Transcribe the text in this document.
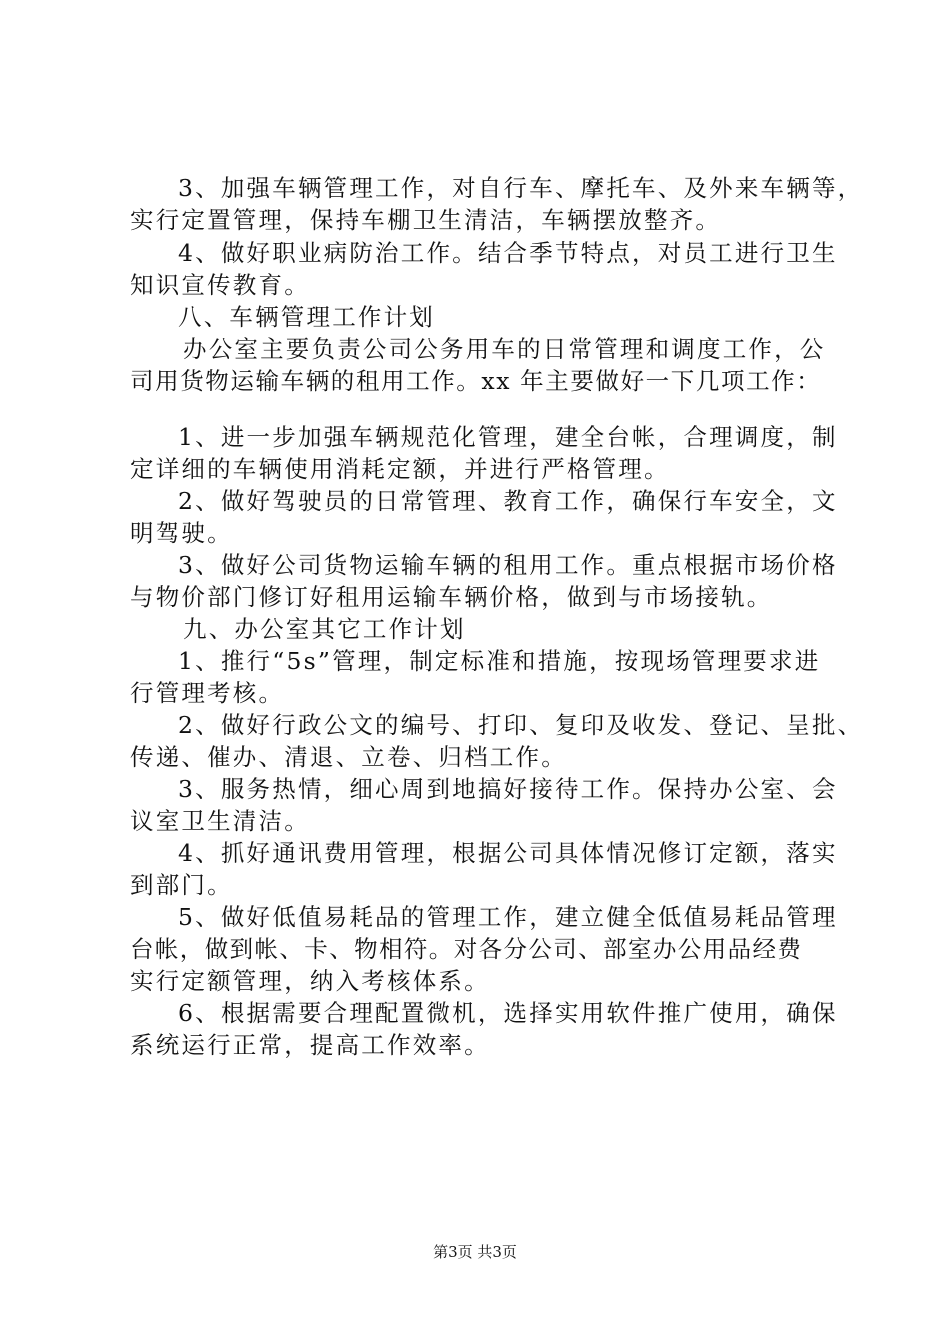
3、加强车辆管理工作，对自行车、摩托车、及外来车辆等，
实行定置管理，保持车棚卫生清洁，车辆摆放整齐。
4、做好职业病防治工作。结合季节特点，对员工进行卫生
知识宣传教育。
八、车辆管理工作计划
办公室主要负责公司公务用车的日常管理和调度工作，公
司用货物运输车辆的租用工作。xx 年主要做好一下几项工作：
1、进一步加强车辆规范化管理，建全台帐，合理调度，制
定详细的车辆使用消耗定额，并进行严格管理。
2、做好驾驶员的日常管理、教育工作，确保行车安全，文
明驾驶。
3、做好公司货物运输车辆的租用工作。重点根据市场价格
与物价部门修订好租用运输车辆价格，做到与市场接轨。
九、办公室其它工作计划
1、推行“5s”管理，制定标准和措施，按现场管理要求进
行管理考核。
2、做好行政公文的编号、打印、复印及收发、登记、呈批、
传递、催办、清退、立卷、归档工作。
3、服务热情，细心周到地搞好接待工作。保持办公室、会
议室卫生清洁。
4、抓好通讯费用管理，根据公司具体情况修订定额，落实
到部门。
5、做好低值易耗品的管理工作，建立健全低值易耗品管理
台帐，做到帐、卡、物相符。对各分公司、部室办公用品经费
实行定额管理，纳入考核体系。
6、根据需要合理配置微机，选择实用软件推广使用，确保
系统运行正常，提高工作效率。
第3页 共3页
